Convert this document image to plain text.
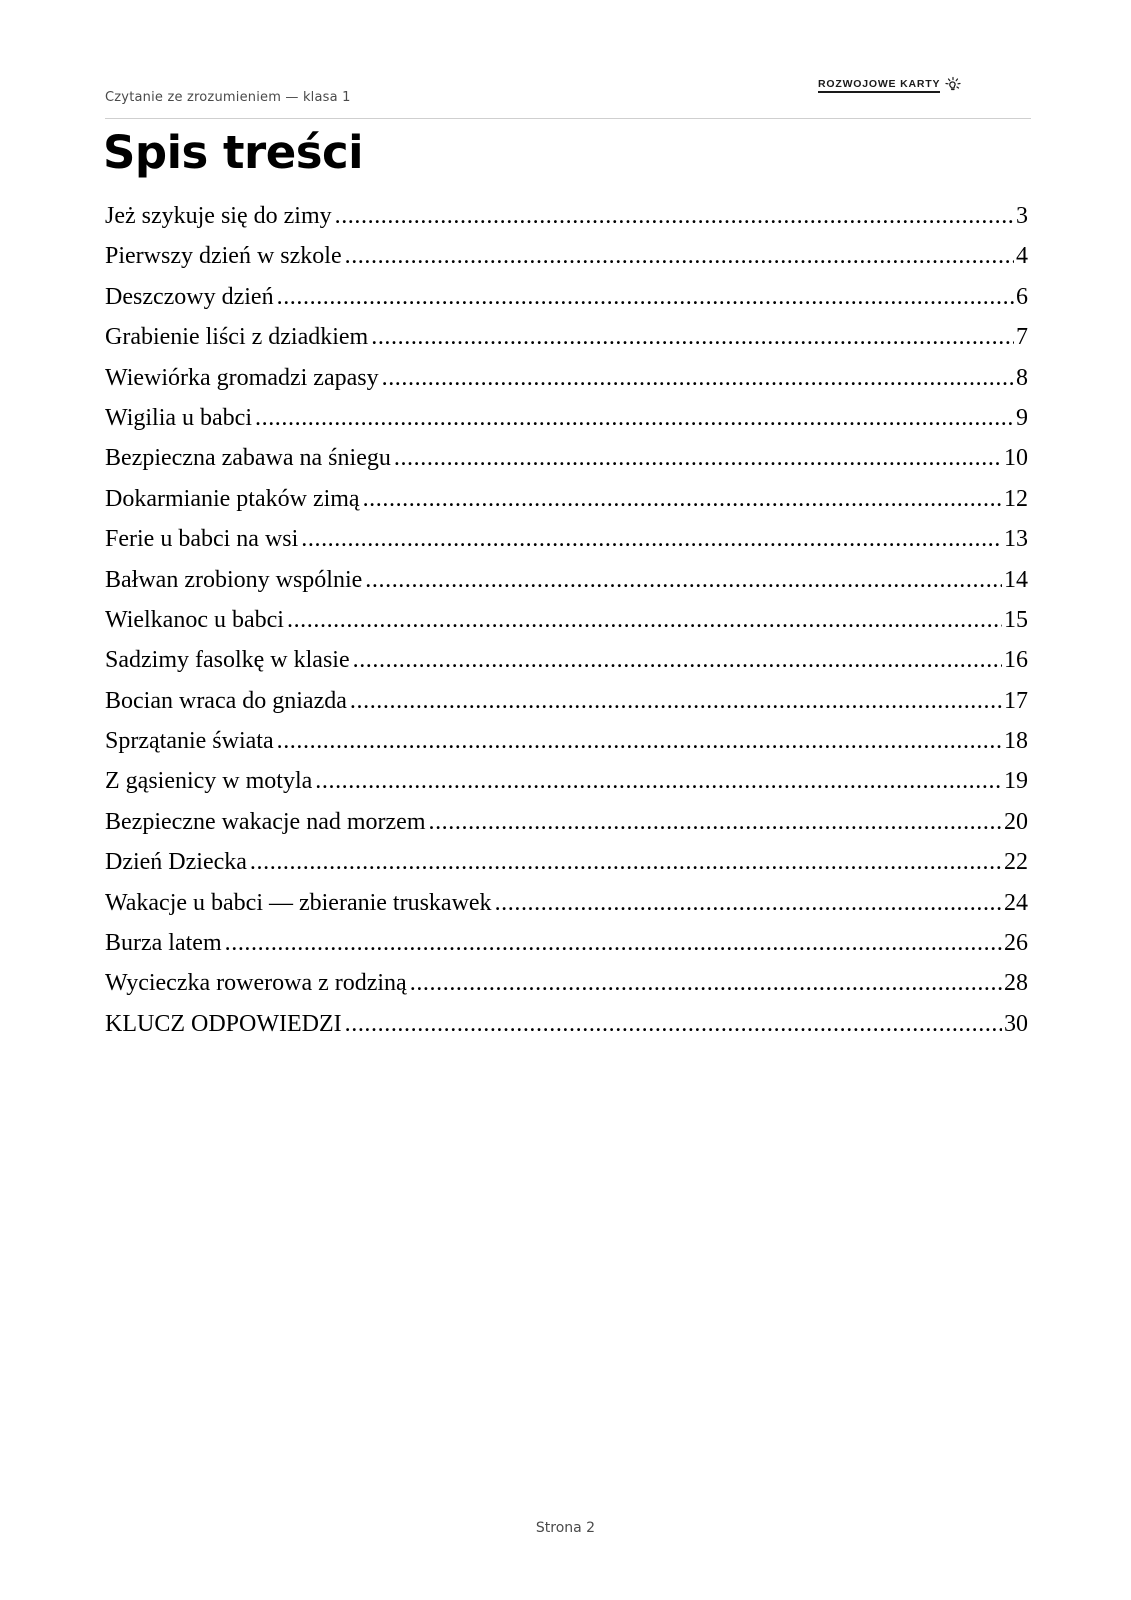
Czytanie ze zrozumieniem — klasa 1
ROZWOJOWE KARTY
Spis treści
Jeż szykuje się do zimy .....	3
Pierwszy dzień w szkole .....	4
Deszczowy dzień .....	6
Grabienie liści z dziadkiem .....	7
Wiewiórka gromadzi zapasy .....	8
Wigilia u babci .....	9
Bezpieczna zabawa na śniegu .....	10
Dokarmianie ptaków zimą .....	12
Ferie u babci na wsi .....	13
Bałwan zrobiony wspólnie .....	14
Wielkanoc u babci .....	15
Sadzimy fasolkę w klasie .....	16
Bocian wraca do gniazda .....	17
Sprzątanie świata .....	18
Z gąsienicy w motyla .....	19
Bezpieczne wakacje nad morzem .....	20
Dzień Dziecka .....	22
Wakacje u babci — zbieranie truskawek .....	24
Burza latem .....	26
Wycieczka rowerowa z rodziną .....	28
KLUCZ ODPOWIEDZI .....	30
Strona 2
